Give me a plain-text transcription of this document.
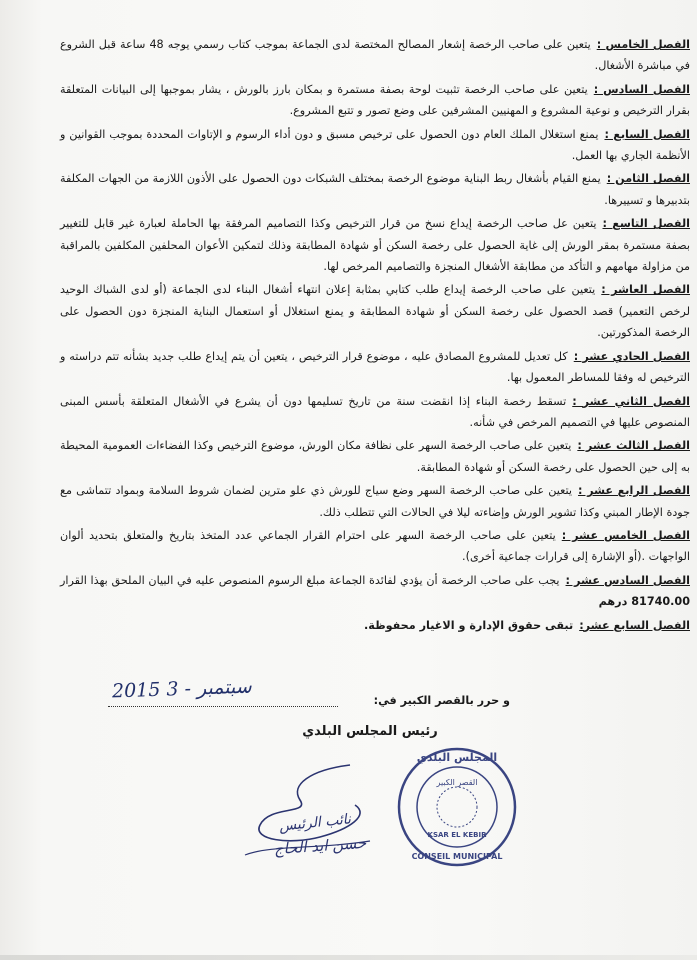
الفصل الخامس :يتعين على صاحب الرخصة إشعار المصالح المختصة لدى الجماعة بموجب كتاب رسمي يوجه 48 ساعة قبل الشروع في مباشرة الأشغال.

الفصل السادس :يتعين على صاحب الرخصة تثبيت لوحة بصفة مستمرة و بمكان بارز بالورش ، يشار بموجبها إلى البيانات المتعلقة بقرار الترخيص و نوعية المشروع و المهنيين المشرفين على وضع تصور و تتبع المشروع.

الفصل السابع :يمنع استغلال الملك العام دون الحصول على ترخيص مسبق و دون أداء الرسوم و الإتاوات المحددة بموجب القوانين و الأنظمة الجاري بها العمل.

الفصل الثامن :يمنع القيام بأشغال ربط البناية موضوع الرخصة بمختلف الشبكات دون الحصول على الأذون اللازمة من الجهات المكلفة بتدبيرها و تسييرها.

الفصل التاسع :يتعين عل صاحب الرخصة إيداع نسخ من قرار الترخيص وكذا التصاميم المرفقة بها الحاملة لعبارة غير قابل للتغيير بصفة مستمرة بمقر الورش إلى غاية الحصول على رخصة السكن أو شهادة المطابقة وذلك لتمكين الأعوان المحلفين المكلفين بالمراقبة من مزاولة مهامهم و التأكد من مطابقة الأشغال المنجزة والتصاميم المرخص لها.

الفصل العاشر :يتعين على صاحب الرخصة إيداع طلب كتابي بمثابة إعلان انتهاء أشغال البناء لدى الجماعة (أو لدى الشباك الوحيد لرخص التعمير) قصد الحصول على رخصة السكن أو شهادة المطابقة و يمنع استغلال أو استعمال البناية المنجزة دون الحصول على الرخصة المذكورتين.

الفصل الحادي عشر :كل تعديل للمشروع المصادق عليه ، موضوع قرار الترخيص ، يتعين أن يتم إيداع طلب جديد بشأنه تتم دراسته و الترخيص له وفقا للمساطر المعمول بها.

الفصل الثاني عشر :تسقط رخصة البناء إذا انقضت سنة من تاريخ تسليمها دون أن يشرع في الأشغال المتعلقة بأسس المبنى المنصوص عليها في التصميم المرخص في شأنه.

الفصل الثالث عشر :يتعين على صاحب الرخصة السهر على نظافة مكان الورش، موضوع الترخيص وكذا الفضاءات العمومية المحيطة به إلى حين الحصول على رخصة السكن أو شهادة المطابقة.

الفصل الرابع عشر :يتعين على صاحب الرخصة السهر وضع سياج للورش ذي علو مترين لضمان شروط السلامة وبمواد تتماشى مع جودة الإطار المبني وكذا تشوير الورش وإضاءته ليلا في الحالات التي تتطلب ذلك.

الفصل الخامس عشر :يتعين على صاحب الرخصة السهر على احترام القرار الجماعي عدد المتخذ بتاريخ والمتعلق بتحديد ألوان الواجهات .(أو الإشارة إلى قرارات جماعية أخرى).

الفصل السادس عشر :يجب على صاحب الرخصة أن يؤدي لفائدة الجماعة مبلغ الرسوم المنصوص عليه في البيان الملحق بهذا القرار 81740.00 درهم

الفصل السابع عشر:تبقى حقوق الإدارة و الاغيار محفوظة.

و حرر بالقصر الكبير في:
2015 سبتمبر - 3
رئيس المجلس البلدي
نائب الرئيس
حسن ايد الحاج
المجلس البلدي
القصر الكبير
KSAR EL KEBIR
CONSEIL MUNICIPAL
